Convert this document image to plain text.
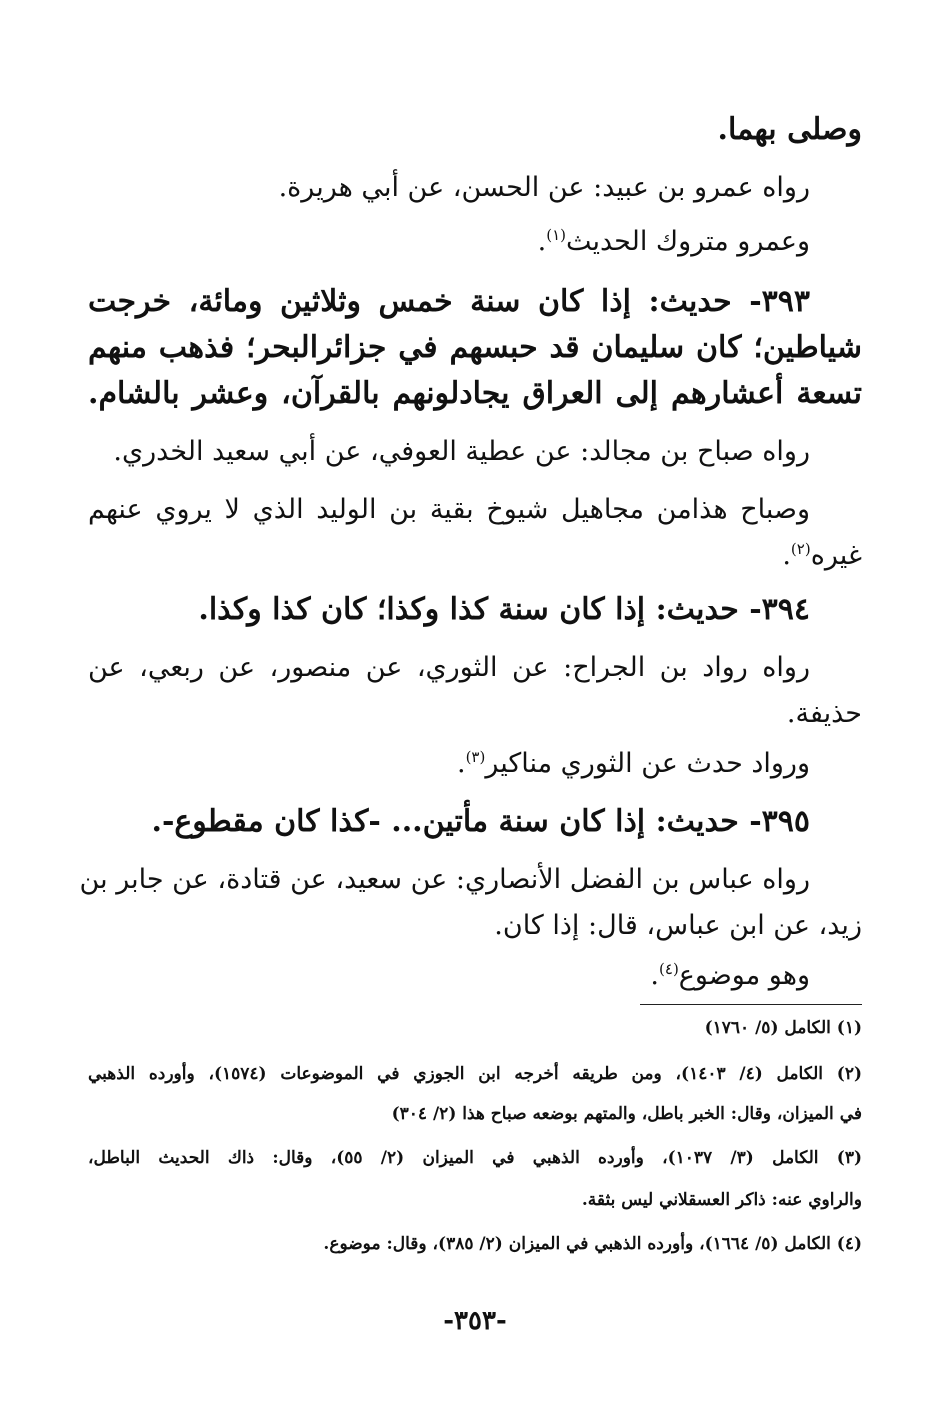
وصلى بهما.
رواه عمرو بن عبيد: عن الحسن، عن أبي هريرة.
وعمرو متروك الحديث$^{(١)}$.
٣٩٣- حديث: إذا كان سنة خمس وثلاثين ومائة، خرجت
شياطين؛ كان سليمان قد حبسهم في جزائرالبحر؛ فذهب منهم
تسعة أعشارهم إلى العراق يجادلونهم بالقرآن، وعشر بالشام.
رواه صباح بن مجالد: عن عطية العوفي، عن أبي سعيد الخدري.
وصباح هذامن مجاهيل شيوخ بقية بن الوليد الذي لا يروي عنهم
غيره$^{(٢)}$.
٣٩٤- حديث: إذا كان سنة كذا وكذا؛ كان كذا وكذا.
رواه رواد بن الجراح: عن الثوري، عن منصور، عن ربعي، عن
حذيفة.
ورواد حدث عن الثوري مناكير$^{(٣)}$.
٣٩٥- حديث: إذا كان سنة مأتين... -كذا كان مقطوع-.
رواه عباس بن الفضل الأنصاري: عن سعيد، عن قتادة، عن جابر بن
زيد، عن ابن عباس، قال: إذا كان.
وهو موضوع$^{(٤)}$.
(١) الكامل (٥/ ١٧٦٠)
(٢) الكامل (٤/ ١٤٠٣)، ومن طريقه أخرجه ابن الجوزي في الموضوعات (١٥٧٤)، وأورده الذهبي
في الميزان، وقال: الخبر باطل، والمتهم بوضعه صباح هذا (٢/ ٣٠٤)
(٣) الكامل (٣/ ١٠٣٧)، وأورده الذهبي في الميزان (٢/ ٥٥)، وقال: ذاك الحديث الباطل،
والراوي عنه: ذاكر العسقلاني ليس بثقة.
(٤) الكامل (٥/ ١٦٦٤)، وأورده الذهبي في الميزان (٢/ ٣٨٥)، وقال: موضوع.
-٣٥٣-
